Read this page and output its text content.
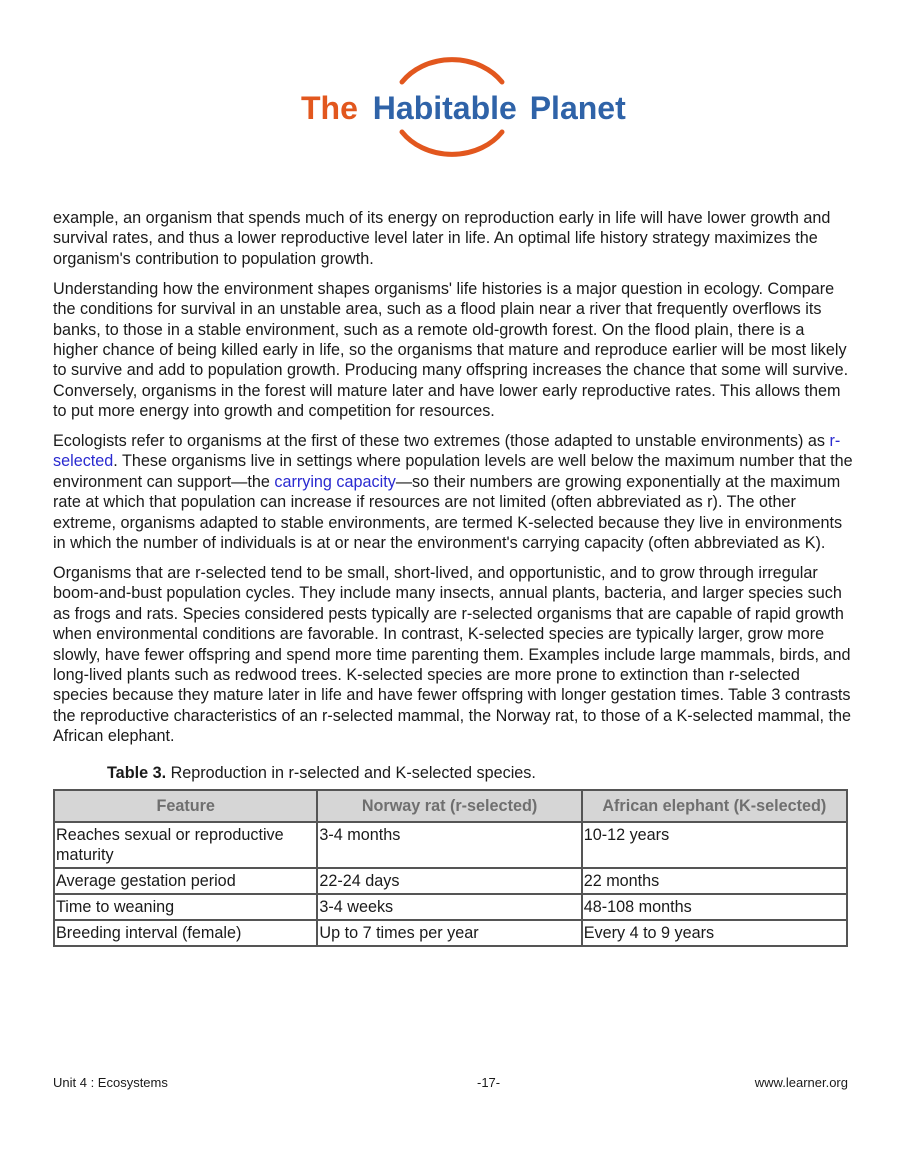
The Habitable Planet

example, an organism that spends much of its energy on reproduction early in life will have lower growth and survival rates, and thus a lower reproductive level later in life. An optimal life history strategy maximizes the organism's contribution to population growth.

Understanding how the environment shapes organisms' life histories is a major question in ecology. Compare the conditions for survival in an unstable area, such as a flood plain near a river that frequently overflows its banks, to those in a stable environment, such as a remote old-growth forest. On the flood plain, there is a higher chance of being killed early in life, so the organisms that mature and reproduce earlier will be most likely to survive and add to population growth. Producing many offspring increases the chance that some will survive. Conversely, organisms in the forest will mature later and have lower early reproductive rates. This allows them to put more energy into growth and competition for resources.

Ecologists refer to organisms at the first of these two extremes (those adapted to unstable environments) as r-selected. These organisms live in settings where population levels are well below the maximum number that the environment can support—the carrying capacity—so their numbers are growing exponentially at the maximum rate at which that population can increase if resources are not limited (often abbreviated as r). The other extreme, organisms adapted to stable environments, are termed K-selected because they live in environments in which the number of individuals is at or near the environment's carrying capacity (often abbreviated as K).

Organisms that are r-selected tend to be small, short-lived, and opportunistic, and to grow through irregular boom-and-bust population cycles. They include many insects, annual plants, bacteria, and larger species such as frogs and rats. Species considered pests typically are r-selected organisms that are capable of rapid growth when environmental conditions are favorable. In contrast, K-selected species are typically larger, grow more slowly, have fewer offspring and spend more time parenting them. Examples include large mammals, birds, and long-lived plants such as redwood trees. K-selected species are more prone to extinction than r-selected species because they mature later in life and have fewer offspring with longer gestation times. Table 3 contrasts the reproductive characteristics of an r-selected mammal, the Norway rat, to those of a K-selected mammal, the African elephant.

Table 3. Reproduction in r-selected and K-selected species.
Feature	Norway rat (r-selected)	African elephant (K-selected)
Reaches sexual or reproductive maturity	3-4 months	10-12 years
Average gestation period	22-24 days	22 months
Time to weaning	3-4 weeks	48-108 months
Breeding interval (female)	Up to 7 times per year	Every 4 to 9 years
Unit 4 : Ecosystems	-17-	www.learner.org
